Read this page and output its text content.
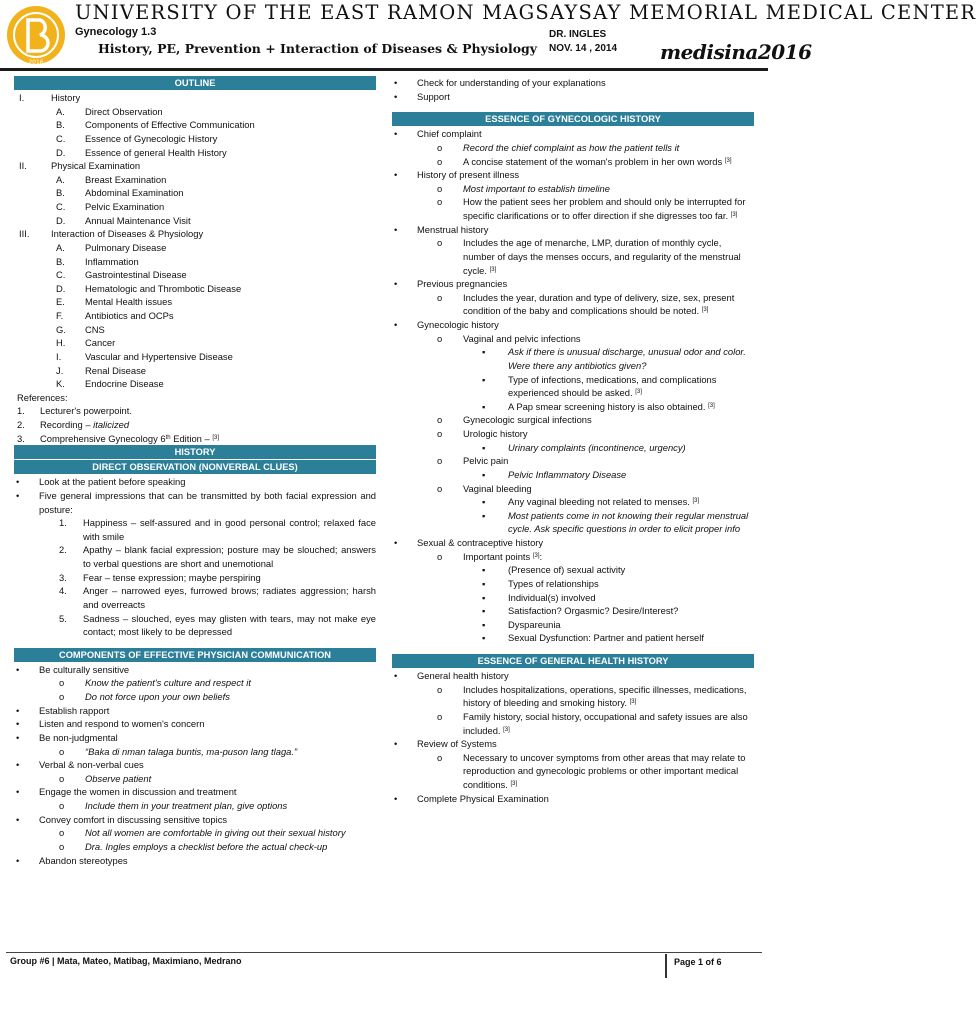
2016
UNIVERSITY OF THE EAST RAMON MAGSAYSAY MEMORIAL MEDICAL CENTER
Gynecology 1.3
History, PE, Prevention + Interaction of Diseases & Physiology
DR. INGLES
NOV. 14 , 2014 medisina2016
OUTLINE
I.	History
A. Direct Observation
B. Components of Effective Communication
C. Essence of Gynecologic History
D. Essence of general Health History
II.	Physical Examination
A. Breast Examination
B. Abdominal Examination
C. Pelvic Examination
D. Annual Maintenance Visit
III. Interaction of Diseases & Physiology
A. Pulmonary Disease
B. Inflammation
C. Gastrointestinal Disease
D. Hematologic and Thrombotic Disease
E. Mental Health issues
F. Antibiotics and OCPs
G. CNS
H. Cancer
I.	Vascular and Hypertensive Disease
J. Renal Disease
K. Endocrine Disease
References:
1. Lecturer's powerpoint.
2. Recording – italicized
3. Comprehensive Gynecology 6th Edition – [3]
HISTORY
DIRECT OBSERVATION (NONVERBAL CLUES)
• Look at the patient before speaking
• Five general impressions that can be transmitted by both facial expression and posture:
1. Happiness – self-assured and in good personal control; relaxed face with smile
2. Apathy – blank facial expression; posture may be slouched; answers to verbal questions are short and unemotional
3. Fear – tense expression; maybe perspiring
4. Anger – narrowed eyes, furrowed brows; radiates aggression; harsh and overreacts
5. Sadness – slouched, eyes may glisten with tears, may not make eye contact; most likely to be depressed
COMPONENTS OF EFFECTIVE PHYSICIAN COMMUNICATION
• Be culturally sensitive
o Know the patient's culture and respect it
o Do not force upon your own beliefs
• Establish rapport
• Listen and respond to women's concern
• Be non-judgmental
o “Baka di nman talaga buntis, ma-puson lang tlaga.”
• Verbal & non-verbal cues
o Observe patient
• Engage the women in discussion and treatment
o Include them in your treatment plan, give options
• Convey comfort in discussing sensitive topics
o Not all women are comfortable in giving out their sexual history
o Dra. Ingles employs a checklist before the actual check-up
• Abandon stereotypes
• Check for understanding of your explanations
• Support
ESSENCE OF GYNECOLOGIC HISTORY
• Chief complaint
o Record the chief complaint as how the patient tells it
o A concise statement of the woman's problem in her own words [3]
• History of present illness
o Most important to establish timeline
o How the patient sees her problem and should only be interrupted for specific clarifications or to offer direction if she digresses too far. [3]
• Menstrual history
o Includes the age of menarche, LMP, duration of monthly cycle, number of days the menses occurs, and regularity of the menstrual cycle. [3]
• Previous pregnancies
o Includes the year, duration and type of delivery, size, sex, present condition of the baby and complications should be noted. [3]
• Gynecologic history
o Vaginal and pelvic infections
▪ Ask if there is unusual discharge, unusual odor and color. Were there any antibiotics given?
▪ Type of infections, medications, and complications experienced should be asked. [3]
▪ A Pap smear screening history is also obtained. [3]
o Gynecologic surgical infections
o Urologic history
▪ Urinary complaints (incontinence, urgency)
o Pelvic pain
▪ Pelvic Inflammatory Disease
o Vaginal bleeding
▪ Any vaginal bleeding not related to menses. [3]
▪ Most patients come in not knowing their regular menstrual cycle. Ask specific questions in order to elicit proper info
• Sexual & contraceptive history
o Important points [3]:
▪ (Presence of) sexual activity
▪ Types of relationships
▪ Individual(s) involved
▪ Satisfaction? Orgasmic? Desire/Interest?
▪ Dyspareunia
▪ Sexual Dysfunction: Partner and patient herself
ESSENCE OF GENERAL HEALTH HISTORY
• General health history
o Includes hospitalizations, operations, specific illnesses, medications, history of bleeding and smoking history. [3]
o Family history, social history, occupational and safety issues are also included. [3]
• Review of Systems
o Necessary to uncover symptoms from other areas that may relate to reproduction and gynecologic problems or other important medical conditions. [3]
• Complete Physical Examination
Group #6 | Mata, Mateo, Matibag, Maximiano, Medrano	Page 1 of 6
